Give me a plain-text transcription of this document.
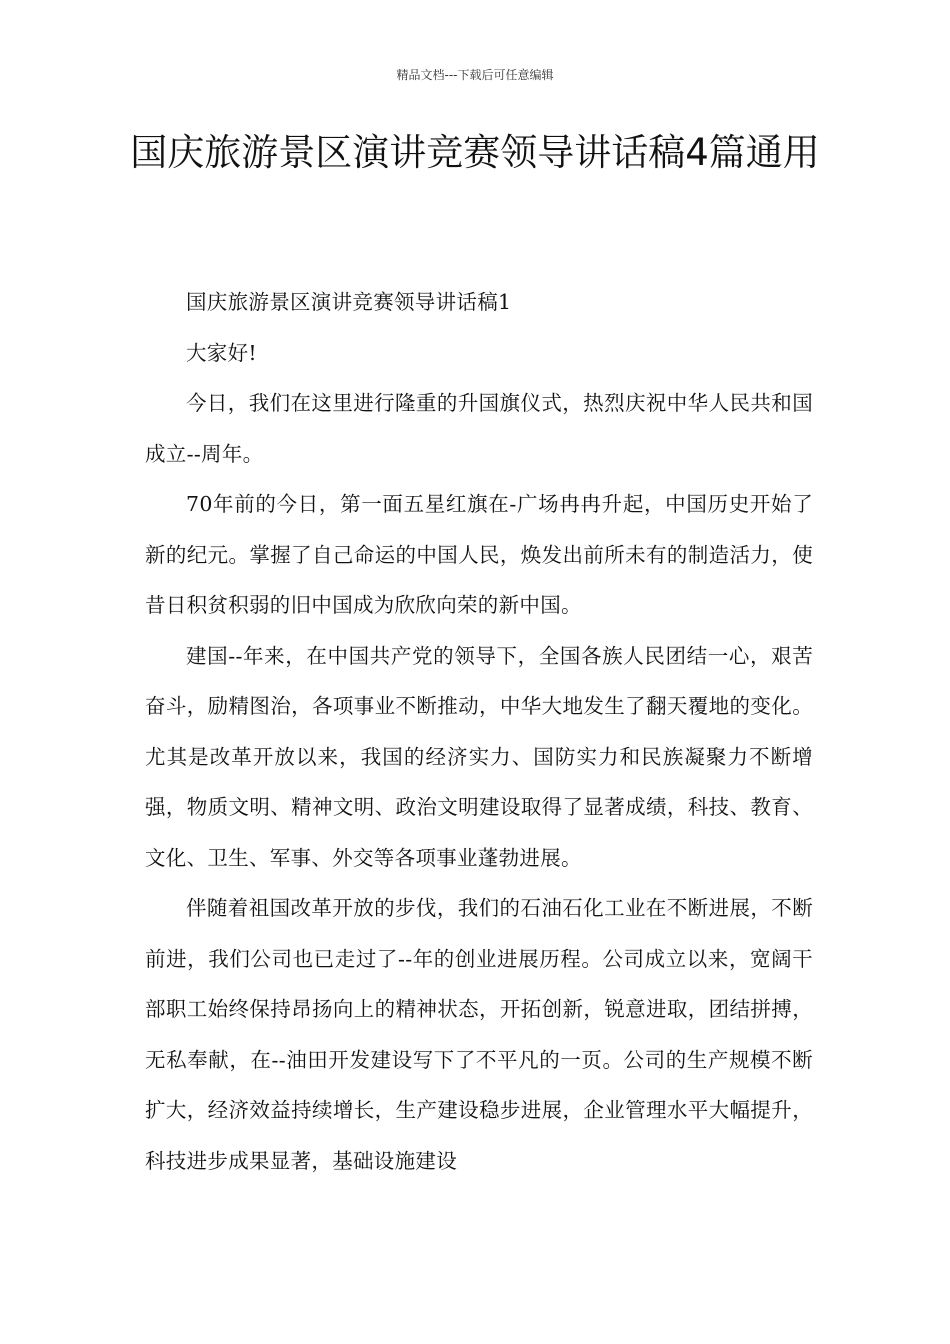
精品文档---下载后可任意编辑
国庆旅游景区演讲竞赛领导讲话稿4篇通用

国庆旅游景区演讲竞赛领导讲话稿1

大家好!

今日，我们在这里进行隆重的升国旗仪式，热烈庆祝中华人民共和国成立--周年。

70年前的今日，第一面五星红旗在-广场冉冉升起，中国历史开始了新的纪元。掌握了自己命运的中国人民，焕发出前所未有的制造活力，使昔日积贫积弱的旧中国成为欣欣向荣的新中国。

建国--年来，在中国共产党的领导下，全国各族人民团结一心，艰苦奋斗，励精图治，各项事业不断推动，中华大地发生了翻天覆地的变化。尤其是改革开放以来，我国的经济实力、国防实力和民族凝聚力不断增强，物质文明、精神文明、政治文明建设取得了显著成绩，科技、教育、文化、卫生、军事、外交等各项事业蓬勃进展。

伴随着祖国改革开放的步伐，我们的石油石化工业在不断进展，不断前进，我们公司也已走过了--年的创业进展历程。公司成立以来，宽阔干部职工始终保持昂扬向上的精神状态，开拓创新，锐意进取，团结拼搏，无私奉献，在--油田开发建设写下了不平凡的一页。公司的生产规模不断扩大，经济效益持续增长，生产建设稳步进展，企业管理水平大幅提升，科技进步成果显著，基础设施建设
